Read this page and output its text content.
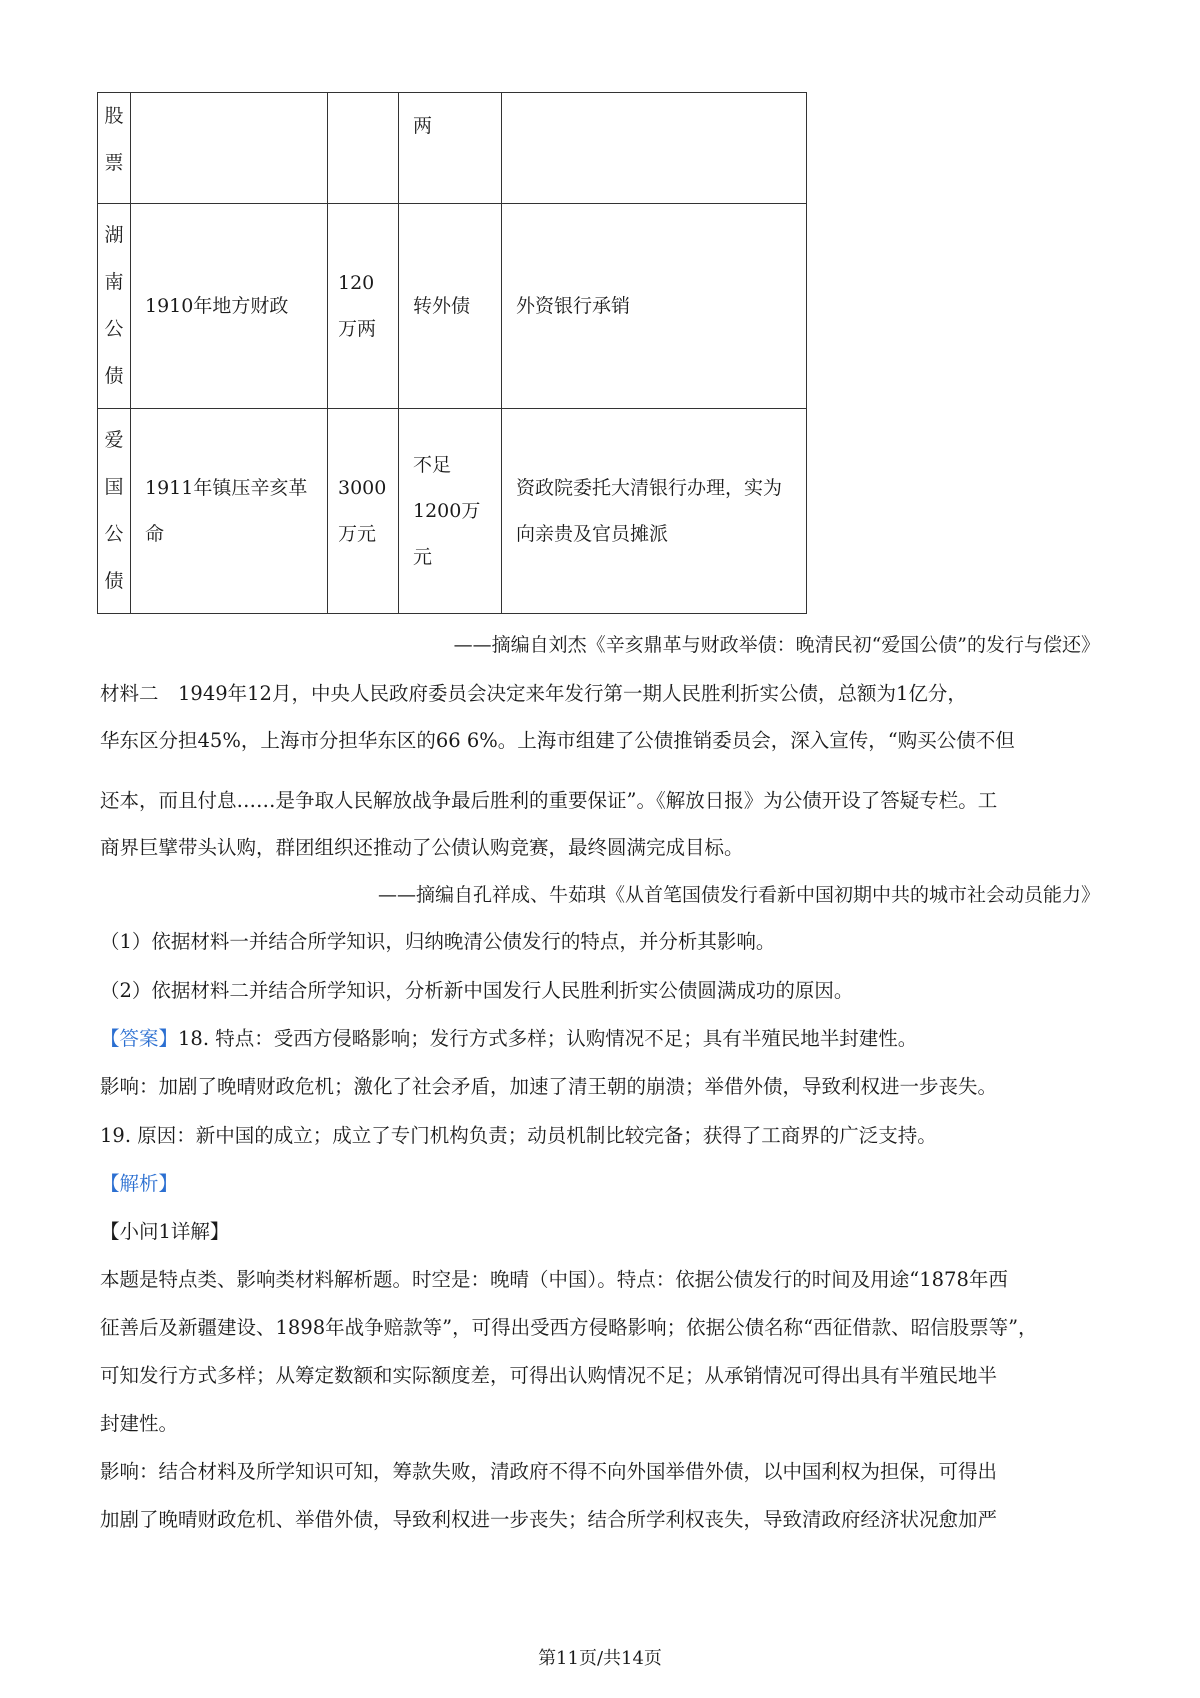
股
票			两	

湖
南
公
债	1910年地方财政	120万两	转外债	外资银行承销

爱
国
公
债	1911年镇压辛亥革命	3000万元	不足1200万元	资政院委托大清银行办理，实为向亲贵及官员摊派
——摘编自刘杰《辛亥鼎革与财政举债：晚清民初“爱国公债”的发行与偿还》
材料二　1949年12月，中央人民政府委员会决定来年发行第一期人民胜利折实公债，总额为1亿分，
华东区分担45%，上海市分担华东区的66 6%。上海市组建了公债推销委员会，深入宣传，“购买公债不但
还本，而且付息……是争取人民解放战争最后胜利的重要保证”。《解放日报》为公债开设了答疑专栏。工
商界巨擘带头认购，群团组织还推动了公债认购竞赛，最终圆满完成目标。
——摘编自孔祥成、牛茹琪《从首笔国债发行看新中国初期中共的城市社会动员能力》
（1）依据材料一并结合所学知识，归纳晚清公债发行的特点，并分析其影响。
（2）依据材料二并结合所学知识，分析新中国发行人民胜利折实公债圆满成功的原因。
【答案】18. 特点：受西方侵略影响；发行方式多样；认购情况不足；具有半殖民地半封建性。
影响：加剧了晚晴财政危机；激化了社会矛盾，加速了清王朝的崩溃；举借外债，导致利权进一步丧失。
19. 原因：新中国的成立；成立了专门机构负责；动员机制比较完备；获得了工商界的广泛支持。
【解析】
【小问1详解】
本题是特点类、影响类材料解析题。时空是：晚晴（中国）。特点：依据公债发行的时间及用途“1878年西
征善后及新疆建设、1898年战争赔款等”，可得出受西方侵略影响；依据公债名称“西征借款、昭信股票等”，
可知发行方式多样；从筹定数额和实际额度差，可得出认购情况不足；从承销情况可得出具有半殖民地半
封建性。
影响：结合材料及所学知识可知，筹款失败，清政府不得不向外国举借外债，以中国利权为担保，可得出
加剧了晚晴财政危机、举借外债，导致利权进一步丧失；结合所学利权丧失，导致清政府经济状况愈加严
第11页/共14页
